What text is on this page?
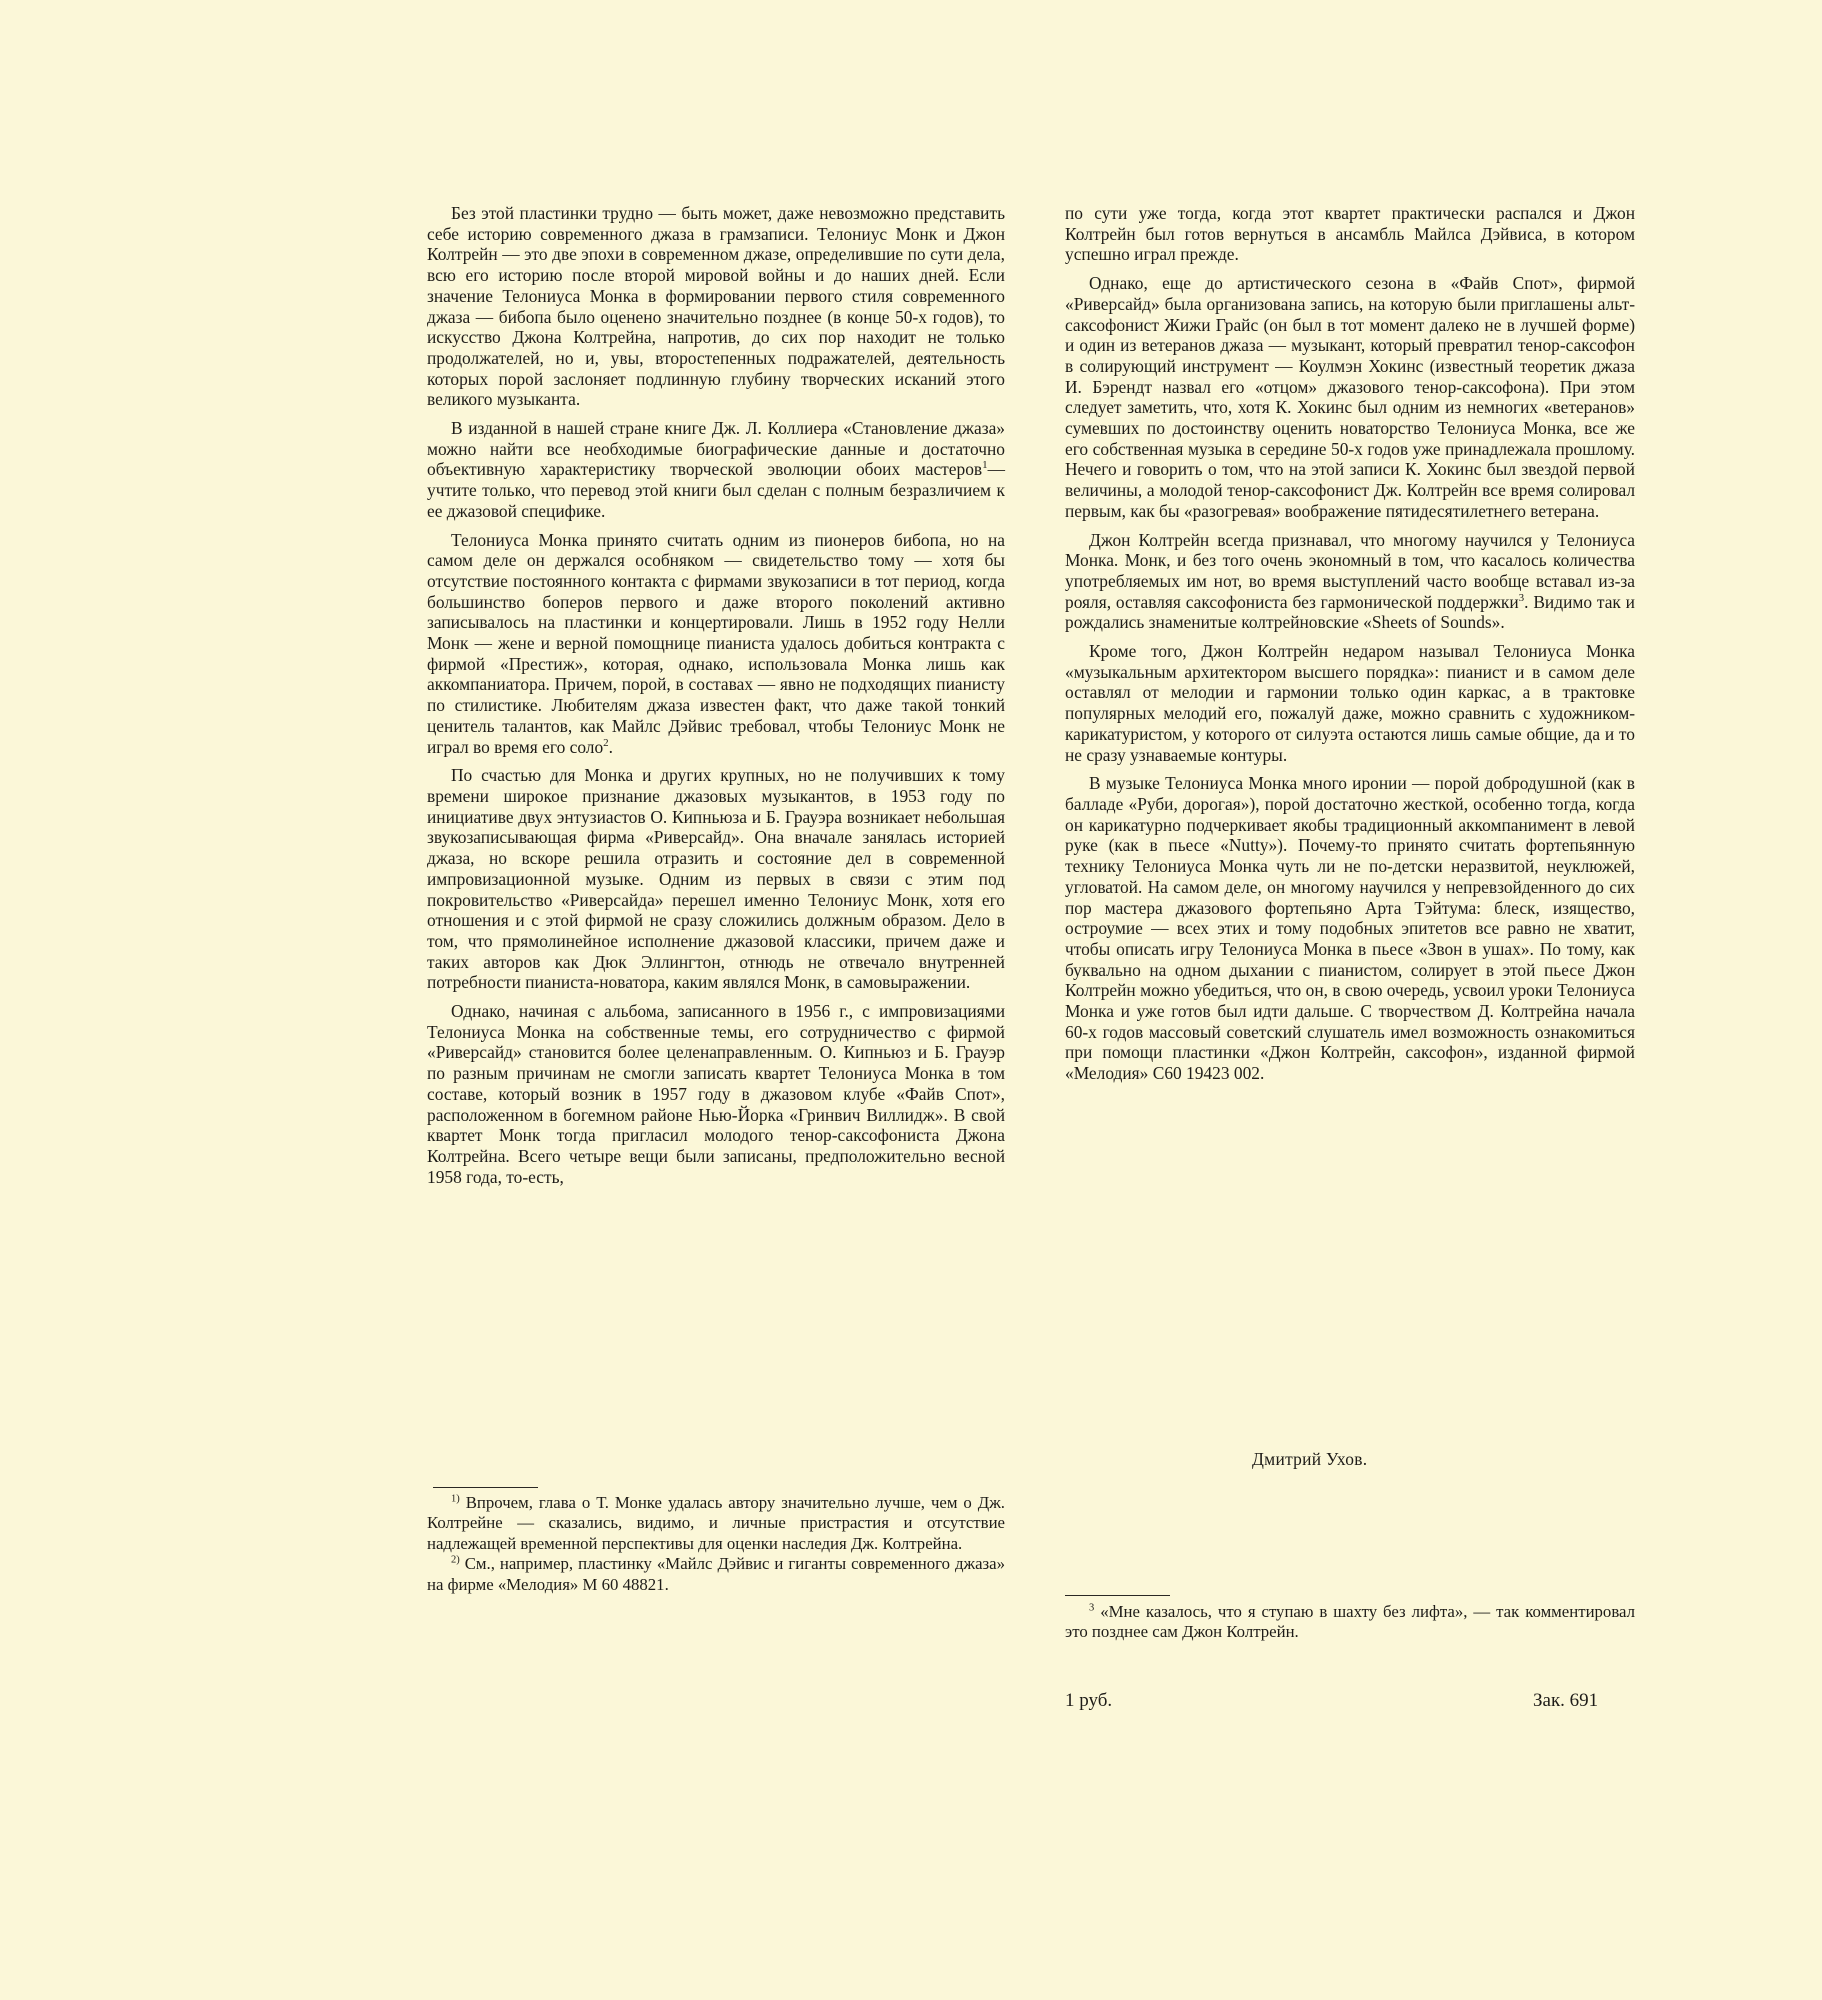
Без этой пластинки трудно — быть может, даже невозможно представить себе историю современного джаза в грамзаписи. Телониус Монк и Джон Колтрейн — это две эпохи в современном джазе, определившие по сути дела, всю его историю после второй мировой войны и до наших дней. Если значение Телониуса Монка в формировании первого стиля современного джаза — бибопа было оценено значительно позднее (в конце 50-х годов), то искусство Джона Колтрейна, напротив, до сих пор находит не только продолжателей, но и, увы, второстепенных подражателей, деятельность которых порой заслоняет подлинную глубину творческих исканий этого великого музыканта.

В изданной в нашей стране книге Дж. Л. Коллиера «Становление джаза» можно найти все необходимые биографические данные и достаточно объективную характеристику творческой эволюции обоих мастеров$^1$— учтите только, что перевод этой книги был сделан с полным безразличием к ее джазовой специфике.

Телониуса Монка принято считать одним из пионеров бибопа, но на самом деле он держался особняком — свидетельство тому — хотя бы отсутствие постоянного контакта с фирмами звукозаписи в тот период, когда большинство боперов первого и даже второго поколений активно записывалось на пластинки и концертировали. Лишь в 1952 году Нелли Монк — жене и верной помощнице пианиста удалось добиться контракта с фирмой «Престиж», которая, однако, использовала Монка лишь как аккомпаниатора. Причем, порой, в составах — явно не подходящих пианисту по стилистике. Любителям джаза известен факт, что даже такой тонкий ценитель талантов, как Майлс Дэйвис требовал, чтобы Телониус Монк не играл во время его соло$^2$.

По счастью для Монка и других крупных, но не получивших к тому времени широкое признание джазовых музыкантов, в 1953 году по инициативе двух энтузиастов О. Кипньюза и Б. Грауэра возникает небольшая звукозаписывающая фирма «Риверсайд». Она вначале занялась историей джаза, но вскоре решила отразить и состояние дел в современной импровизационной музыке. Одним из первых в связи с этим под покровительство «Риверсайда» перешел именно Телониус Монк, хотя его отношения и с этой фирмой не сразу сложились должным образом. Дело в том, что прямолинейное исполнение джазовой классики, причем даже и таких авторов как Дюк Эллингтон, отнюдь не отвечало внутренней потребности пианиста-новатора, каким являлся Монк, в самовыражении.

Однако, начиная с альбома, записанного в 1956 г., с импровизациями Телониуса Монка на собственные темы, его сотрудничество с фирмой «Риверсайд» становится более целенаправленным. О. Кипньюз и Б. Грауэр по разным причинам не смогли записать квартет Телониуса Монка в том составе, который возник в 1957 году в джазовом клубе «Файв Спот», расположенном в богемном районе Нью-Йорка «Гринвич Виллидж». В свой квартет Монк тогда пригласил молодого тенор-саксофониста Джона Колтрейна. Всего четыре вещи были записаны, предположительно весной 1958 года, то-есть,

$^{1)}$ Впрочем, глава о Т. Монке удалась автору значительно лучше, чем о Дж. Колтрейне — сказались, видимо, и личные пристрастия и отсутствие надлежащей временной перспективы для оценки наследия Дж. Колтрейна.

$^{2)}$ См., например, пластинку «Майлс Дэйвис и гиганты современного джаза» на фирме «Мелодия» М 60 48821.

по сути уже тогда, когда этот квартет практически распался и Джон Колтрейн был готов вернуться в ансамбль Майлса Дэйвиса, в котором успешно играл прежде.

Однако, еще до артистического сезона в «Файв Спот», фирмой «Риверсайд» была организована запись, на которую были приглашены альт-саксофонист Жижи Грайс (он был в тот момент далеко не в лучшей форме) и один из ветеранов джаза — музыкант, который превратил тенор-саксофон в солирующий инструмент — Коулмэн Хокинс (известный теоретик джаза И. Бэрендт назвал его «отцом» джазового тенор-саксофона). При этом следует заметить, что, хотя К. Хокинс был одним из немногих «ветеранов» сумевших по достоинству оценить новаторство Телониуса Монка, все же его собственная музыка в середине 50-х годов уже принадлежала прошлому. Нечего и говорить о том, что на этой записи К. Хокинс был звездой первой величины, а молодой тенор-саксофонист Дж. Колтрейн все время солировал первым, как бы «разогревая» воображение пятидесятилетнего ветерана.

Джон Колтрейн всегда признавал, что многому научился у Телониуса Монка. Монк, и без того очень экономный в том, что касалось количества употребляемых им нот, во время выступлений часто вообще вставал из-за рояля, оставляя саксофониста без гармонической поддержки$^3$. Видимо так и рождались знаменитые колтрейновские «Sheets of Sounds».

Кроме того, Джон Колтрейн недаром называл Телониуса Монка «музыкальным архитектором высшего порядка»: пианист и в самом деле оставлял от мелодии и гармонии только один каркас, а в трактовке популярных мелодий его, пожалуй даже, можно сравнить с художником-карикатуристом, у которого от силуэта остаются лишь самые общие, да и то не сразу узнаваемые контуры.

В музыке Телониуса Монка много иронии — порой добродушной (как в балладе «Руби, дорогая»), порой достаточно жесткой, особенно тогда, когда он карикатурно подчеркивает якобы традиционный аккомпанимент в левой руке (как в пьесе «Nutty»). Почему-то принято считать фортепьянную технику Телониуса Монка чуть ли не по-детски неразвитой, неуклюжей, угловатой. На самом деле, он многому научился у непревзойденного до сих пор мастера джазового фортепьяно Арта Тэйтума: блеск, изящество, остроумие — всех этих и тому подобных эпитетов все равно не хватит, чтобы описать игру Телониуса Монка в пьесе «Звон в ушах». По тому, как буквально на одном дыхании с пианистом, солирует в этой пьесе Джон Колтрейн можно убедиться, что он, в свою очередь, усвоил уроки Телониуса Монка и уже готов был идти дальше. С творчеством Д. Колтрейна начала 60-х годов массовый советский слушатель имел возможность ознакомиться при помощи пластинки «Джон Колтрейн, саксофон», изданной фирмой «Мелодия» С60 19423 002.

Дмитрий Ухов.

$^3$ «Мне казалось, что я ступаю в шахту без лифта», — так комментировал это позднее сам Джон Колтрейн.

1 руб.	Зак. 691
